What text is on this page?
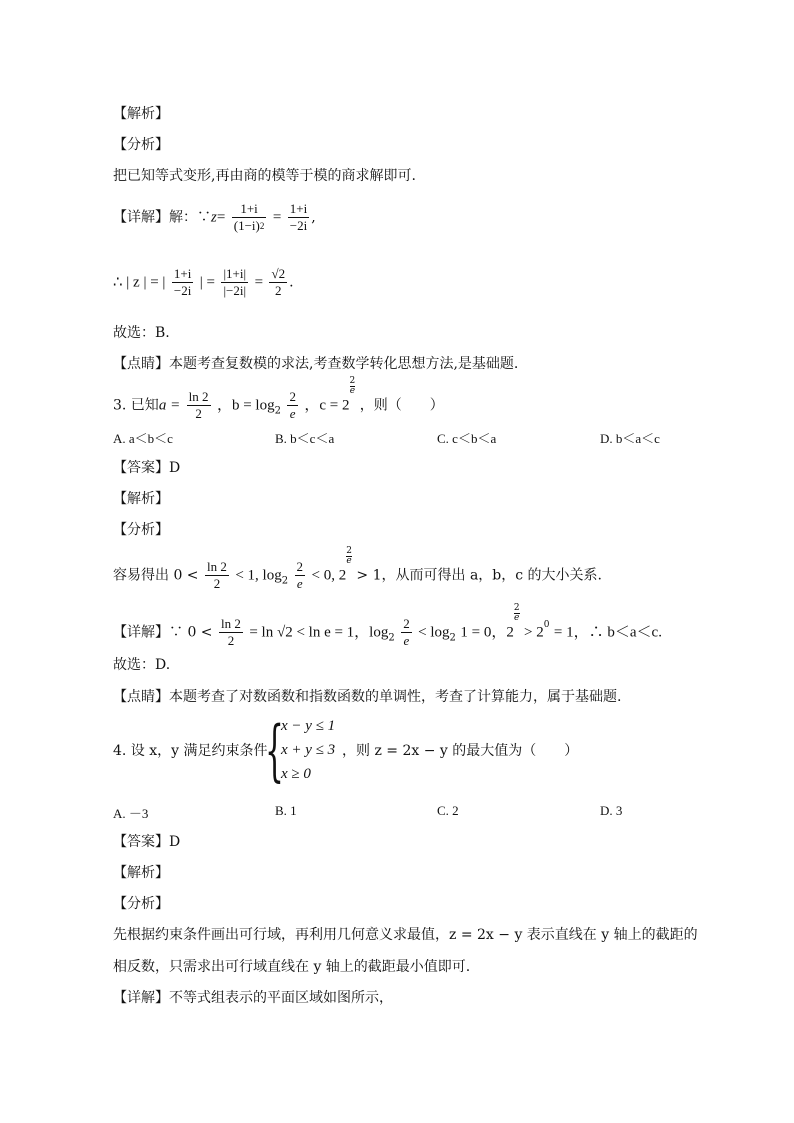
【解析】
【分析】
把已知等式变形,再由商的模等于模的商求解即可.
【详解】解：∵z= $\frac{1+i}{(1-i)^2} = \frac{1+i}{-2i}$ ,
∴ | z | = | $\frac{1+i}{-2i}$ | = $\frac{|1+i|}{|-2i|} = \frac{√2}{2}$ .
故选：B.
【点睛】本题考查复数模的求法,考查数学转化思想方法,是基础题.
3. 已知$a = \frac{\ln 2}{2}$ ，$b = \log_2 \frac{2}{e}$ ，c = 2
$\frac{2}{e}$ ，则（　　）
A. a＜b＜c	B. b＜c＜a	C. c＜b＜a	D. b＜a＜c
【答案】D
【解析】
【分析】
容易得出 $0 < \frac{\ln 2}{2} < 1$, $\log_2 \frac{2}{e} < 0$, 2
$\frac{2}{e} > 1$，从而可得出 a，b，c 的大小关系.
【详解】∵ $0 < \frac{\ln 2}{2} = \ln √2 < \ln e = 1$，$\log_2 \frac{2}{e} < \log_2 1 = 0$，2
$\frac{2}{e} > 2^0 = 1$，∴ b＜a＜c.
故选：D.
【点睛】本题考查了对数函数和指数函数的单调性，考查了计算能力，属于基础题.
4. 设 x，y 满足约束条件
{
x − y ≤ 1
x + y ≤ 3
x ≥ 0
，则 z = 2x − y 的最大值为（　　）
A. －3	B. 1	C. 2	D. 3
【答案】D
【解析】
【分析】
先根据约束条件画出可行域，再利用几何意义求最值，z = 2x − y 表示直线在 y 轴上的截距的
相反数，只需求出可行域直线在 y 轴上的截距最小值即可.
【详解】不等式组表示的平面区域如图所示，
